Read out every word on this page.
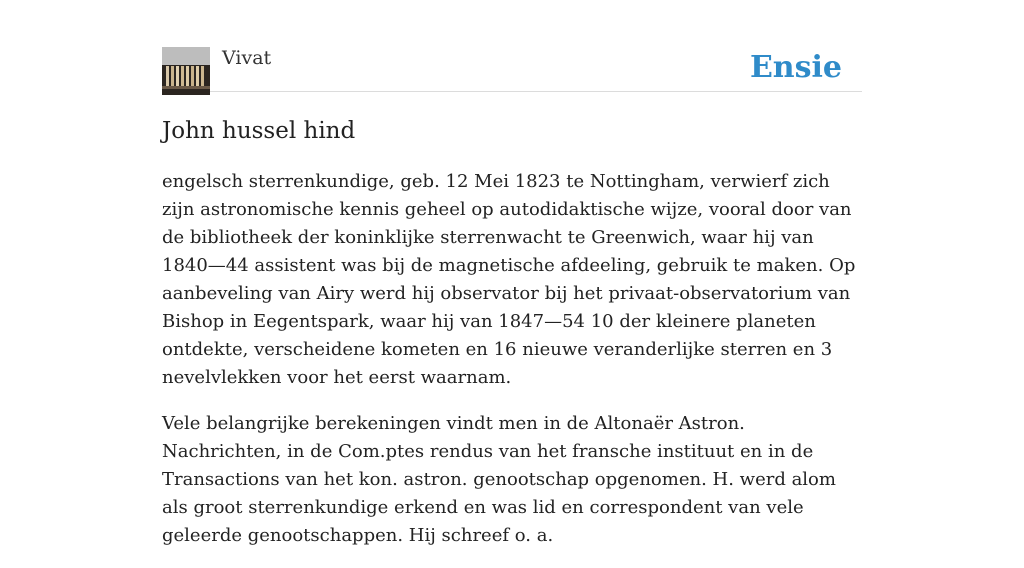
Vivat	Ensie
John hussel hind

engelsch sterrenkundige, geb. 12 Mei 1823 te Nottingham, verwierf zich zijn astronomische kennis geheel op autodidaktische wijze, vooral door van de bibliotheek der koninklijke sterrenwacht te Greenwich, waar hij van 1840—44 assistent was bij de magnetische afdeeling, gebruik te maken. Op aanbeveling van Airy werd hij observator bij het privaat-observatorium van Bishop in Eegentspark, waar hij van 1847—54 10 der kleinere planeten ontdekte, verscheidene kometen en 16 nieuwe veranderlijke sterren en 3 nevelvlekken voor het eerst waarnam.

Vele belangrijke berekeningen vindt men in de Altonaër Astron. Nachrichten, in de Com.ptes rendus van het fransche instituut en in de Transactions van het kon. astron. genootschap opgenomen. H. werd alom als groot sterrenkundige erkend en was lid en correspondent van vele geleerde genootschappen. Hij schreef o. a.
